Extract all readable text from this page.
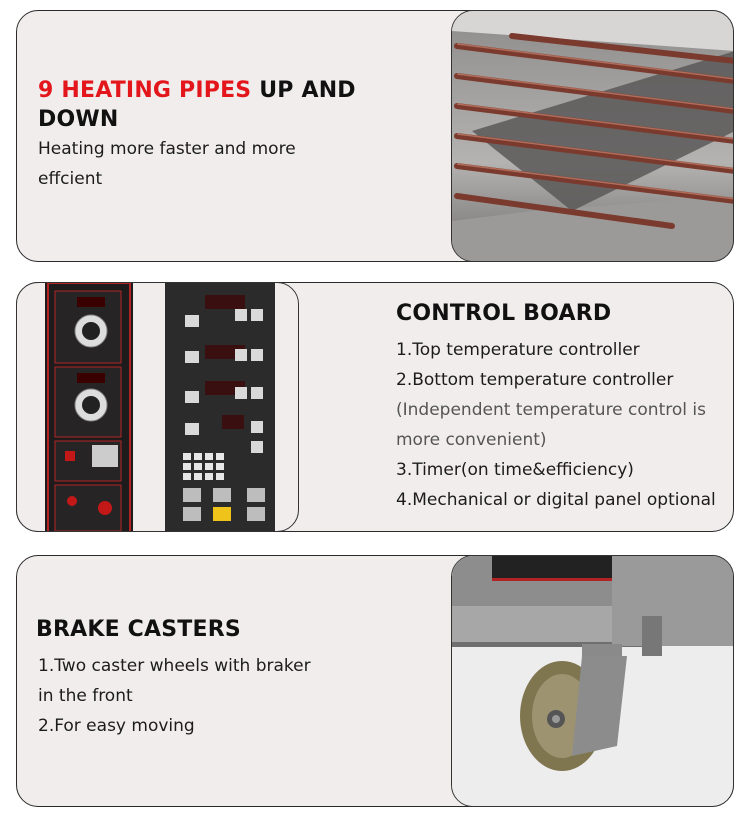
9 HEATING PIPES UP AND
DOWN
Heating more faster and more
effcient
CONTROL BOARD
1.Top temperature controller
2.Bottom temperature controller
(Independent temperature control is
more convenient)
3.Timer(on time&efficiency)
4.Mechanical or digital panel optional
BRAKE CASTERS
1.Two caster wheels with braker
in the front
2.For easy moving
